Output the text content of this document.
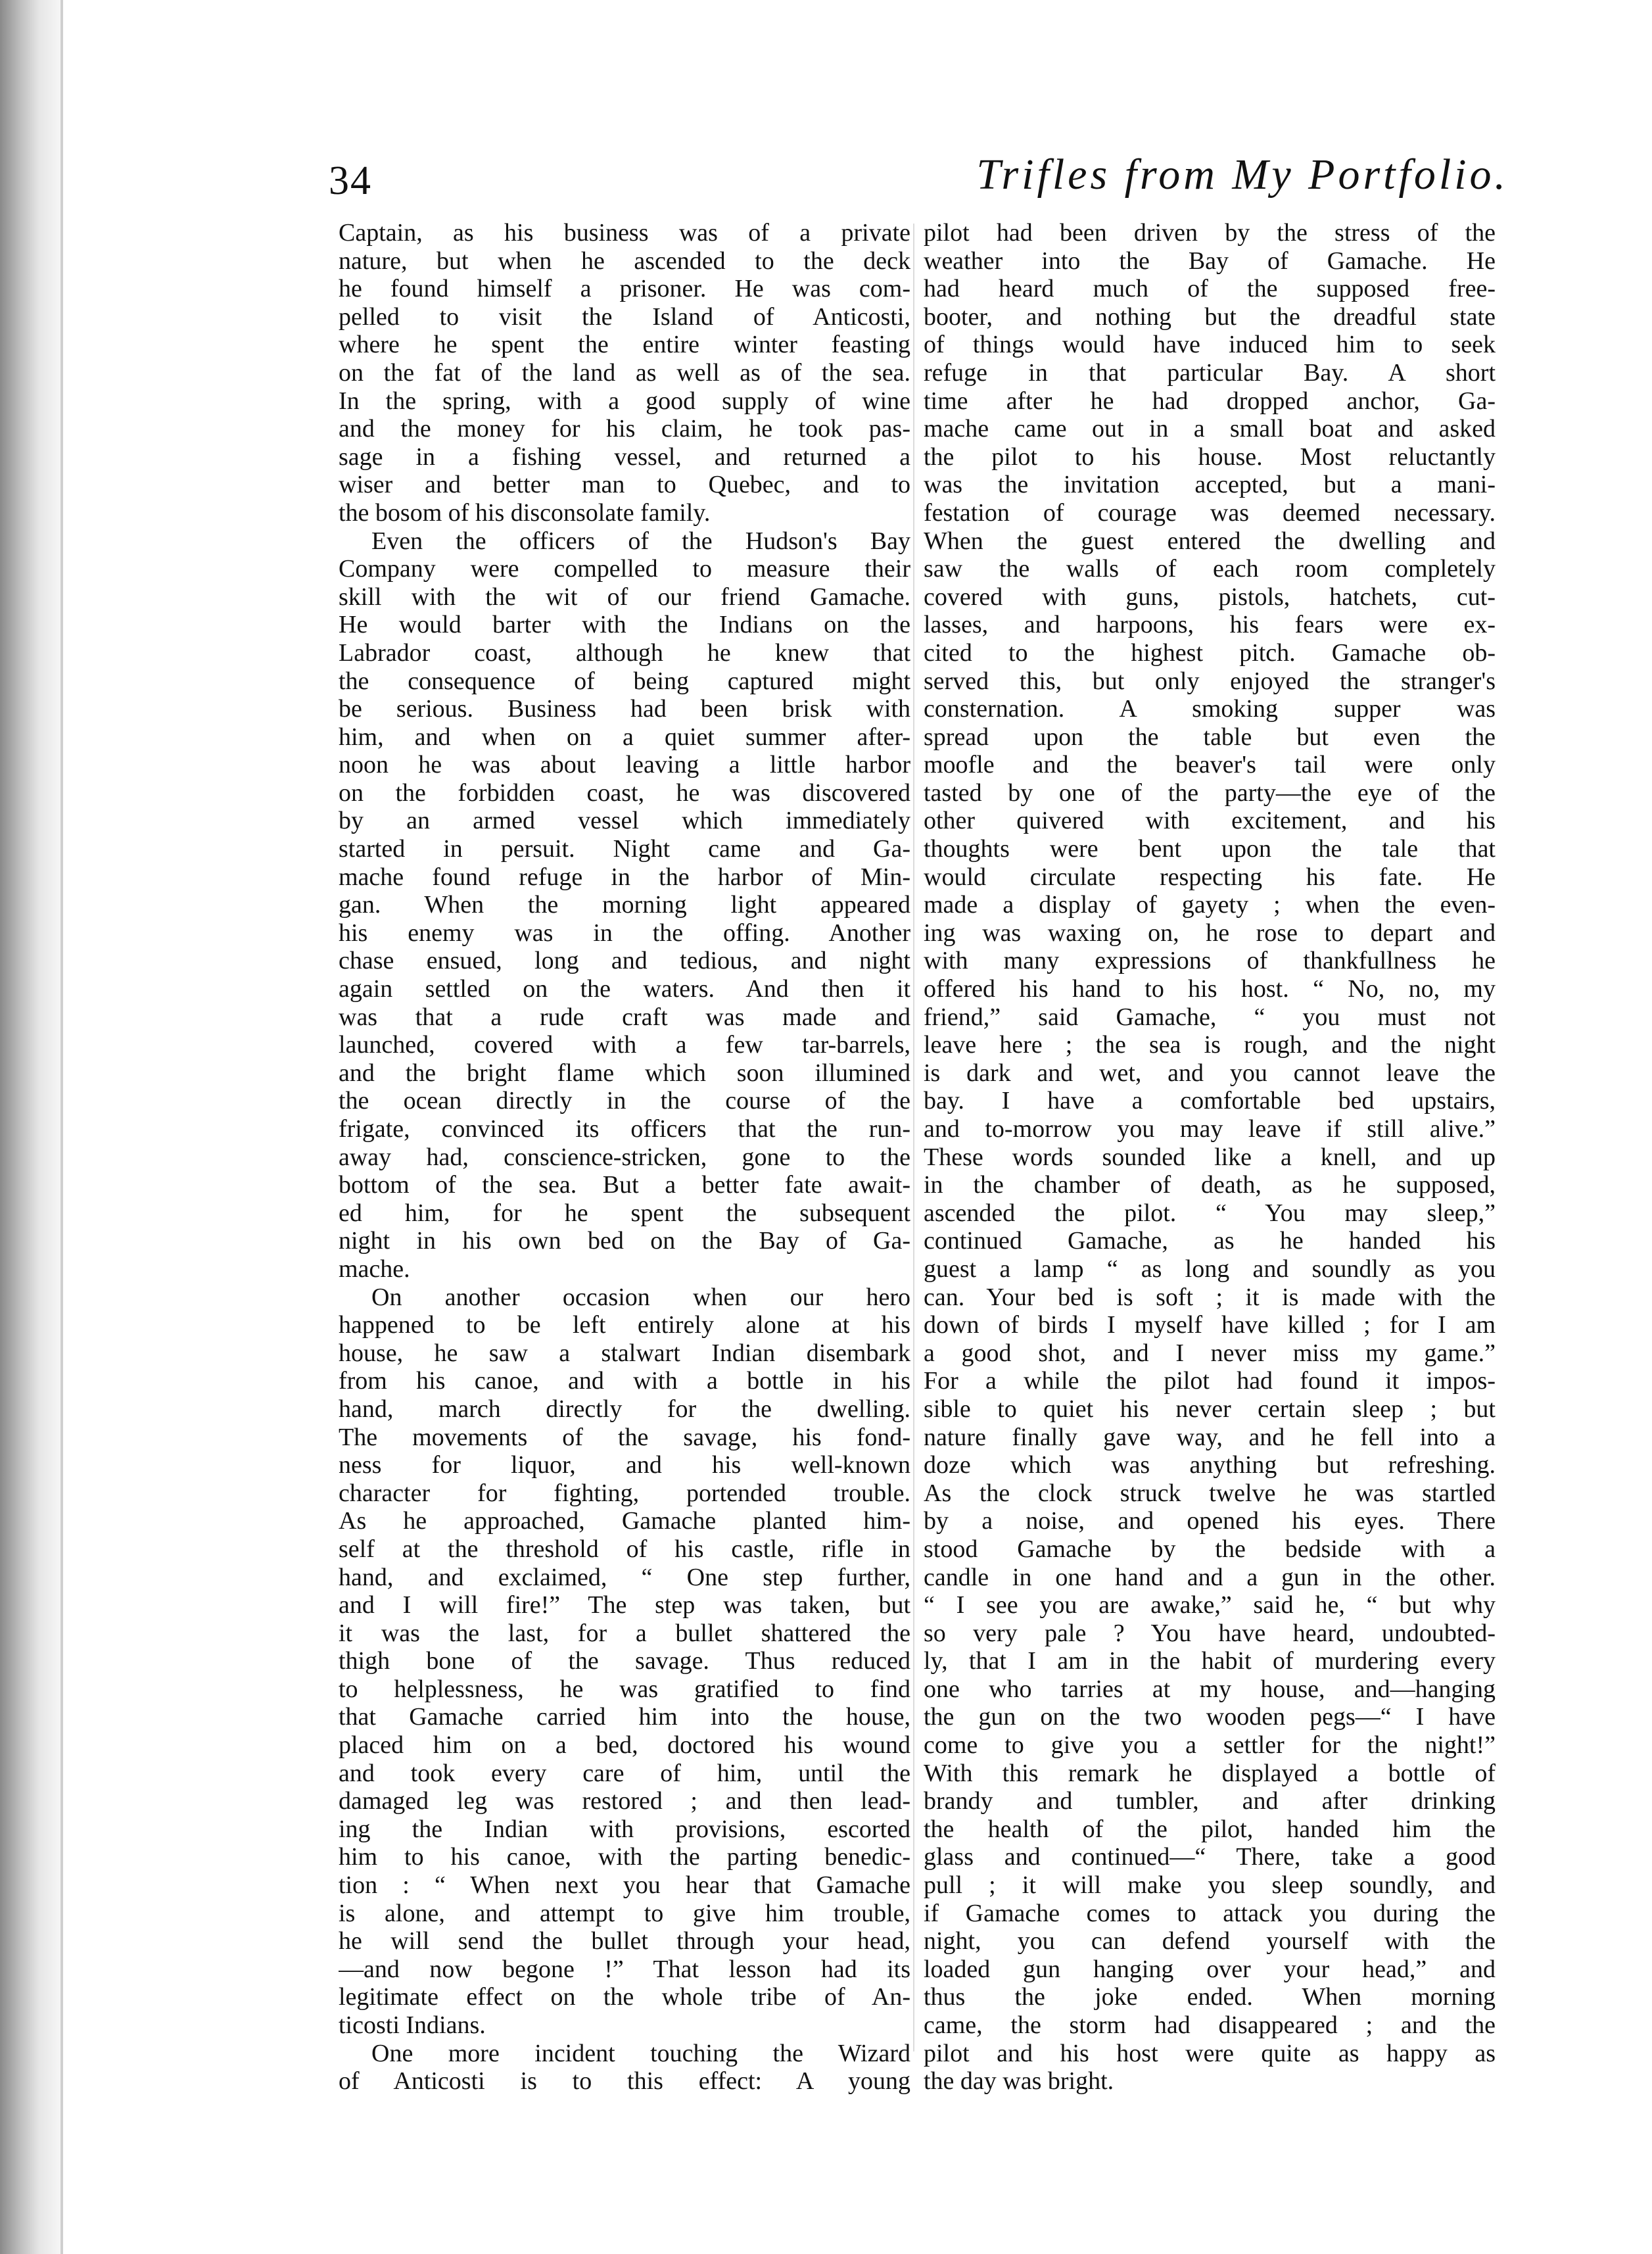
34	Trifles from My Portfolio.
Captain, as his business was of a private
nature, but when he ascended to the deck
he found himself a prisoner. He was com-
pelled to visit the Island of Anticosti,
where he spent the entire winter feasting
on the fat of the land as well as of the sea.
In the spring, with a good supply of wine
and the money for his claim, he took pas-
sage in a fishing vessel, and returned a
wiser and better man to Quebec, and to
the bosom of his disconsolate family.
Even the officers of the Hudson's Bay
Company were compelled to measure their
skill with the wit of our friend Gamache.
He would barter with the Indians on the
Labrador coast, although he knew that
the consequence of being captured might
be serious. Business had been brisk with
him, and when on a quiet summer after-
noon he was about leaving a little harbor
on the forbidden coast, he was discovered
by an armed vessel which immediately
started in persuit. Night came and Ga-
mache found refuge in the harbor of Min-
gan. When the morning light appeared
his enemy was in the offing. Another
chase ensued, long and tedious, and night
again settled on the waters. And then it
was that a rude craft was made and
launched, covered with a few tar-barrels,
and the bright flame which soon illumined
the ocean directly in the course of the
frigate, convinced its officers that the run-
away had, conscience-stricken, gone to the
bottom of the sea. But a better fate await-
ed him, for he spent the subsequent
night in his own bed on the Bay of Ga-
mache.
On another occasion when our hero
happened to be left entirely alone at his
house, he saw a stalwart Indian disembark
from his canoe, and with a bottle in his
hand, march directly for the dwelling.
The movements of the savage, his fond-
ness for liquor, and his well-known
character for fighting, portended trouble.
As he approached, Gamache planted him-
self at the threshold of his castle, rifle in
hand, and exclaimed, “ One step further,
and I will fire!” The step was taken, but
it was the last, for a bullet shattered the
thigh bone of the savage. Thus reduced
to helplessness, he was gratified to find
that Gamache carried him into the house,
placed him on a bed, doctored his wound
and took every care of him, until the
damaged leg was restored ; and then lead-
ing the Indian with provisions, escorted
him to his canoe, with the parting benedic-
tion : “ When next you hear that Gamache
is alone, and attempt to give him trouble,
he will send the bullet through your head,
—and now begone !” That lesson had its
legitimate effect on the whole tribe of An-
ticosti Indians.
One more incident touching the Wizard
of Anticosti is to this effect: A young
pilot had been driven by the stress of the
weather into the Bay of Gamache. He
had heard much of the supposed free-
booter, and nothing but the dreadful state
of things would have induced him to seek
refuge in that particular Bay. A short
time after he had dropped anchor, Ga-
mache came out in a small boat and asked
the pilot to his house. Most reluctantly
was the invitation accepted, but a mani-
festation of courage was deemed necessary.
When the guest entered the dwelling and
saw the walls of each room completely
covered with guns, pistols, hatchets, cut-
lasses, and harpoons, his fears were ex-
cited to the highest pitch. Gamache ob-
served this, but only enjoyed the stranger's
consternation. A smoking supper was
spread upon the table but even the
moofle and the beaver's tail were only
tasted by one of the party—the eye of the
other quivered with excitement, and his
thoughts were bent upon the tale that
would circulate respecting his fate. He
made a display of gayety ; when the even-
ing was waxing on, he rose to depart and
with many expressions of thankfullness he
offered his hand to his host. “ No, no, my
friend,” said Gamache, “ you must not
leave here ; the sea is rough, and the night
is dark and wet, and you cannot leave the
bay. I have a comfortable bed upstairs,
and to-morrow you may leave if still alive.”
These words sounded like a knell, and up
in the chamber of death, as he supposed,
ascended the pilot. “ You may sleep,”
continued Gamache, as he handed his
guest a lamp “ as long and soundly as you
can. Your bed is soft ; it is made with the
down of birds I myself have killed ; for I am
a good shot, and I never miss my game.”
For a while the pilot had found it impos-
sible to quiet his never certain sleep ; but
nature finally gave way, and he fell into a
doze which was anything but refreshing.
As the clock struck twelve he was startled
by a noise, and opened his eyes. There
stood Gamache by the bedside with a
candle in one hand and a gun in the other.
“ I see you are awake,” said he, “ but why
so very pale ? You have heard, undoubted-
ly, that I am in the habit of murdering every
one who tarries at my house, and—hanging
the gun on the two wooden pegs—“ I have
come to give you a settler for the night!”
With this remark he displayed a bottle of
brandy and tumbler, and after drinking
the health of the pilot, handed him the
glass and continued—“ There, take a good
pull ; it will make you sleep soundly, and
if Gamache comes to attack you during the
night, you can defend yourself with the
loaded gun hanging over your head,” and
thus the joke ended. When morning
came, the storm had disappeared ; and the
pilot and his host were quite as happy as
the day was bright.
